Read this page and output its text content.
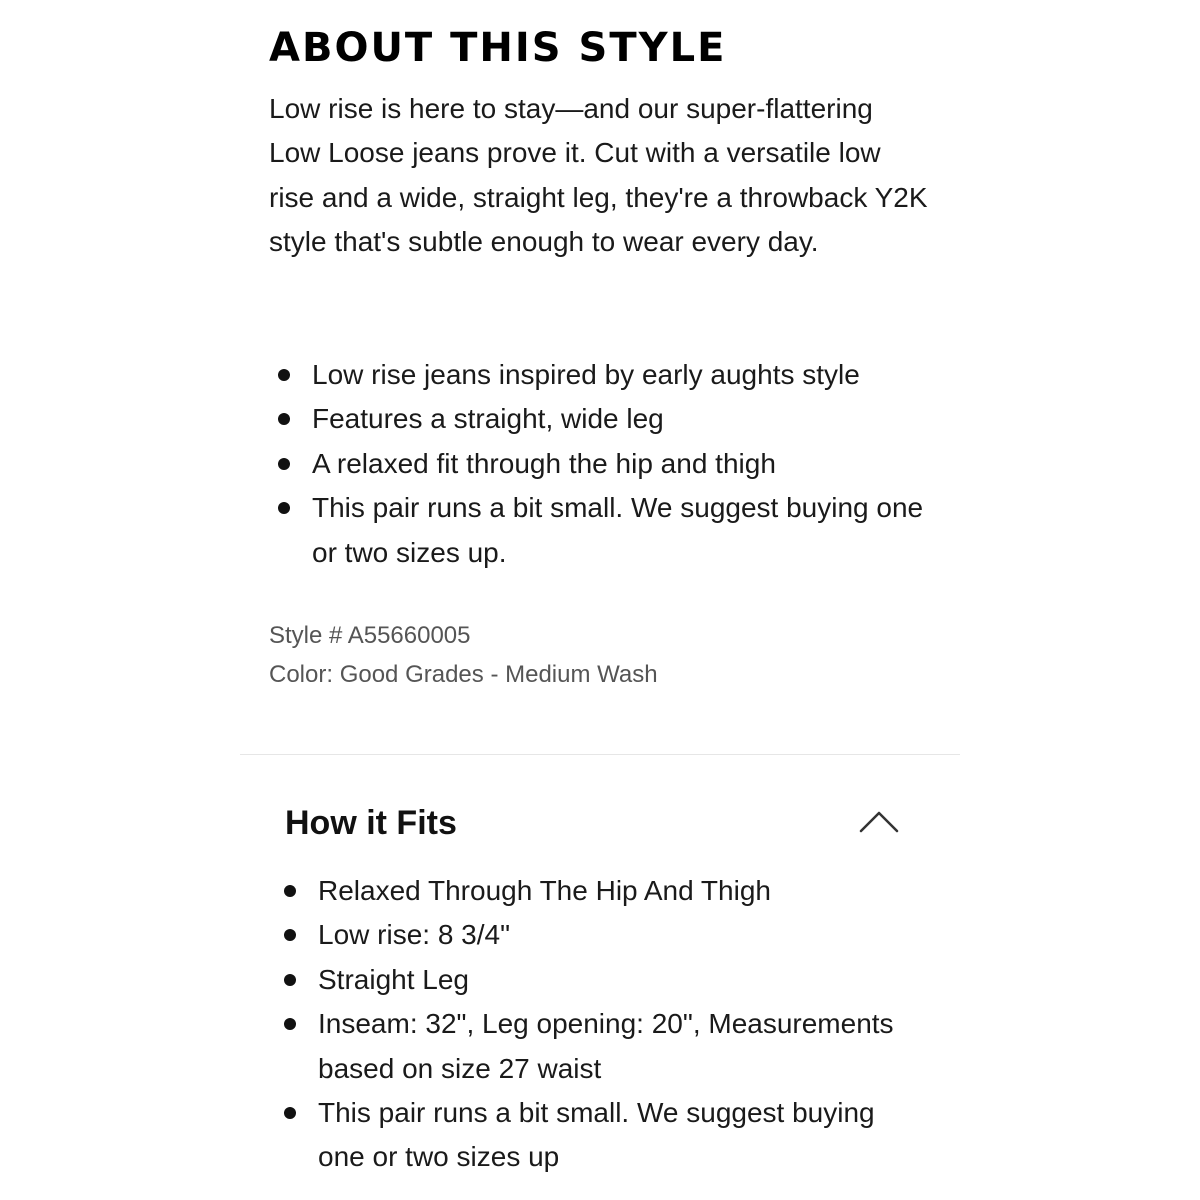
ABOUT THIS STYLE

Low rise is here to stay—and our super-flattering Low Loose jeans prove it. Cut with a versatile low rise and a wide, straight leg, they're a throwback Y2K style that's subtle enough to wear every day.

Low rise jeans inspired by early aughts style
Features a straight, wide leg
A relaxed fit through the hip and thigh
This pair runs a bit small. We suggest buying one or two sizes up.

Style # A55660005

Color: Good Grades - Medium Wash

How it Fits
Relaxed Through The Hip And Thigh
Low rise: 8 3/4"
Straight Leg
Inseam: 32", Leg opening: 20", Measurements based on size 27 waist
This pair runs a bit small. We suggest buying one or two sizes up
